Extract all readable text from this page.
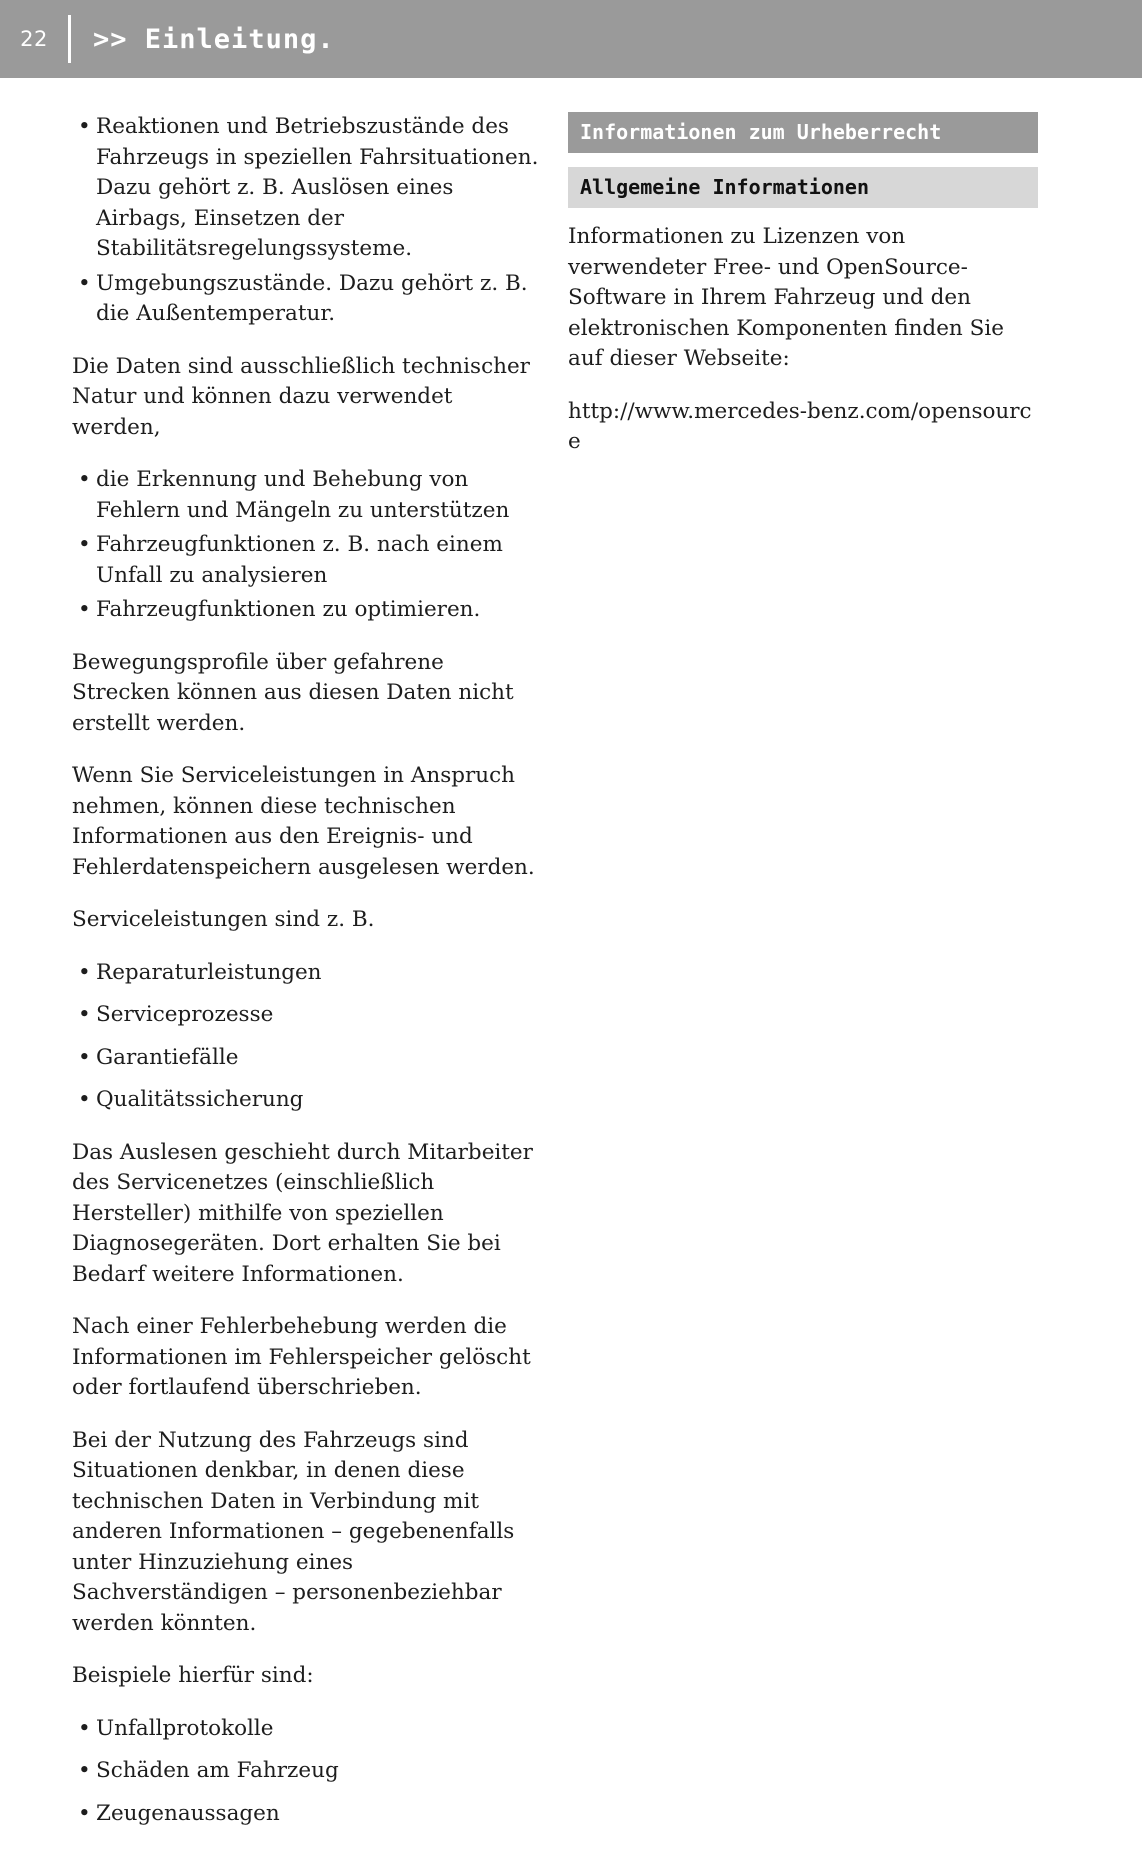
22	>> Einleitung.
• Reaktionen und Betriebszustände des Fahrzeugs in speziellen Fahrsituationen. Dazu gehört z. B. Auslösen eines Airbags, Einsetzen der Stabilitätsregelungssysteme.
• Umgebungszustände. Dazu gehört z. B. die Außentemperatur.

Die Daten sind ausschließlich technischer Natur und können dazu verwendet werden,

• die Erkennung und Behebung von Fehlern und Mängeln zu unterstützen
• Fahrzeugfunktionen z. B. nach einem Unfall zu analysieren
• Fahrzeugfunktionen zu optimieren.

Bewegungsprofile über gefahrene Strecken können aus diesen Daten nicht erstellt werden.

Wenn Sie Serviceleistungen in Anspruch nehmen, können diese technischen Informationen aus den Ereignis- und Fehlerdatenspeichern ausgelesen werden.

Serviceleistungen sind z. B.

• Reparaturleistungen
• Serviceprozesse
• Garantiefälle
• Qualitätssicherung

Das Auslesen geschieht durch Mitarbeiter des Servicenetzes (einschließlich Hersteller) mithilfe von speziellen Diagnosegeräten. Dort erhalten Sie bei Bedarf weitere Informationen.

Nach einer Fehlerbehebung werden die Informationen im Fehlerspeicher gelöscht oder fortlaufend überschrieben.

Bei der Nutzung des Fahrzeugs sind Situationen denkbar, in denen diese technischen Daten in Verbindung mit anderen Informationen – gegebenenfalls unter Hinzuziehung eines Sachverständigen – personenbeziehbar werden könnten.

Beispiele hierfür sind:

• Unfallprotokolle
• Schäden am Fahrzeug
• Zeugenaussagen
Informationen zum Urheberrecht
Allgemeine Informationen

Informationen zu Lizenzen von verwendeter Free- und OpenSource-Software in Ihrem Fahrzeug und den elektronischen Komponenten finden Sie auf dieser Webseite:

http://www.mercedes-benz.com/opensource
